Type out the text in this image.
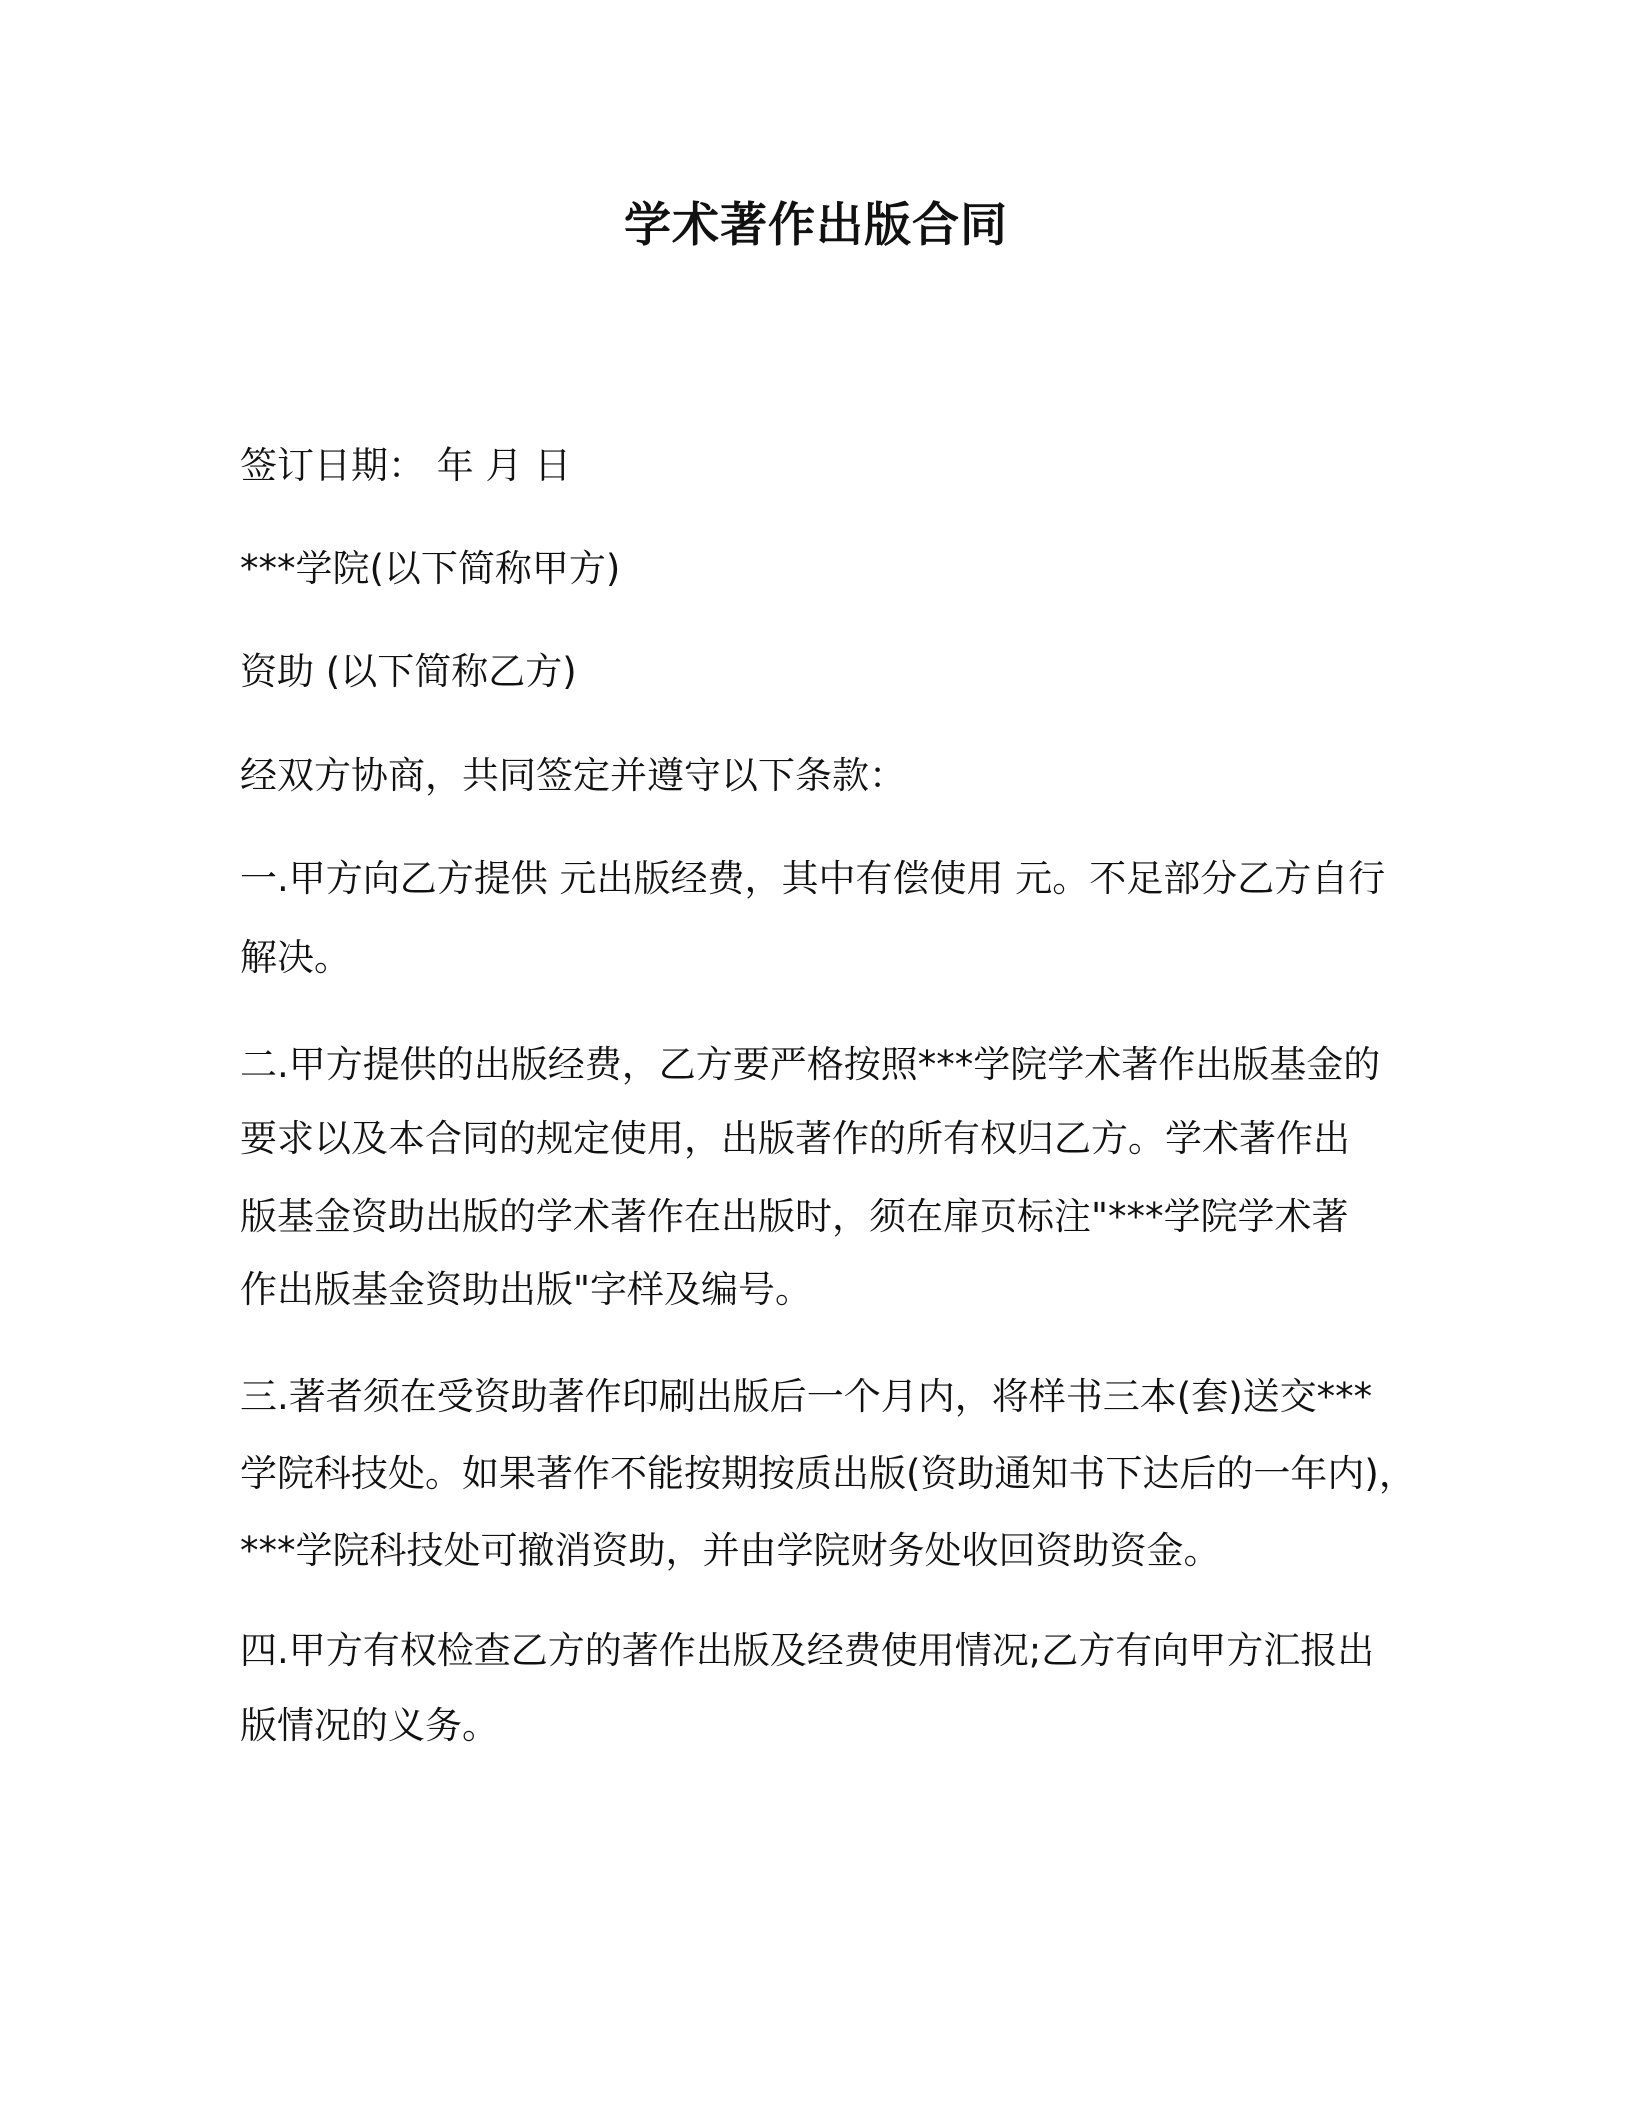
学术著作出版合同

签订日期： 年 月 日

***学院(以下简称甲方)

资助 (以下简称乙方)

经双方协商，共同签定并遵守以下条款：

一.甲方向乙方提供 元出版经费，其中有偿使用 元。不足部分乙方自行

解决。

二.甲方提供的出版经费，乙方要严格按照***学院学术著作出版基金的

要求以及本合同的规定使用，出版著作的所有权归乙方。学术著作出

版基金资助出版的学术著作在出版时，须在扉页标注"***学院学术著

作出版基金资助出版"字样及编号。

三.著者须在受资助著作印刷出版后一个月内，将样书三本(套)送交***

学院科技处。如果著作不能按期按质出版(资助通知书下达后的一年内)，

***学院科技处可撤消资助，并由学院财务处收回资助资金。

四.甲方有权检查乙方的著作出版及经费使用情况;乙方有向甲方汇报出

版情况的义务。
